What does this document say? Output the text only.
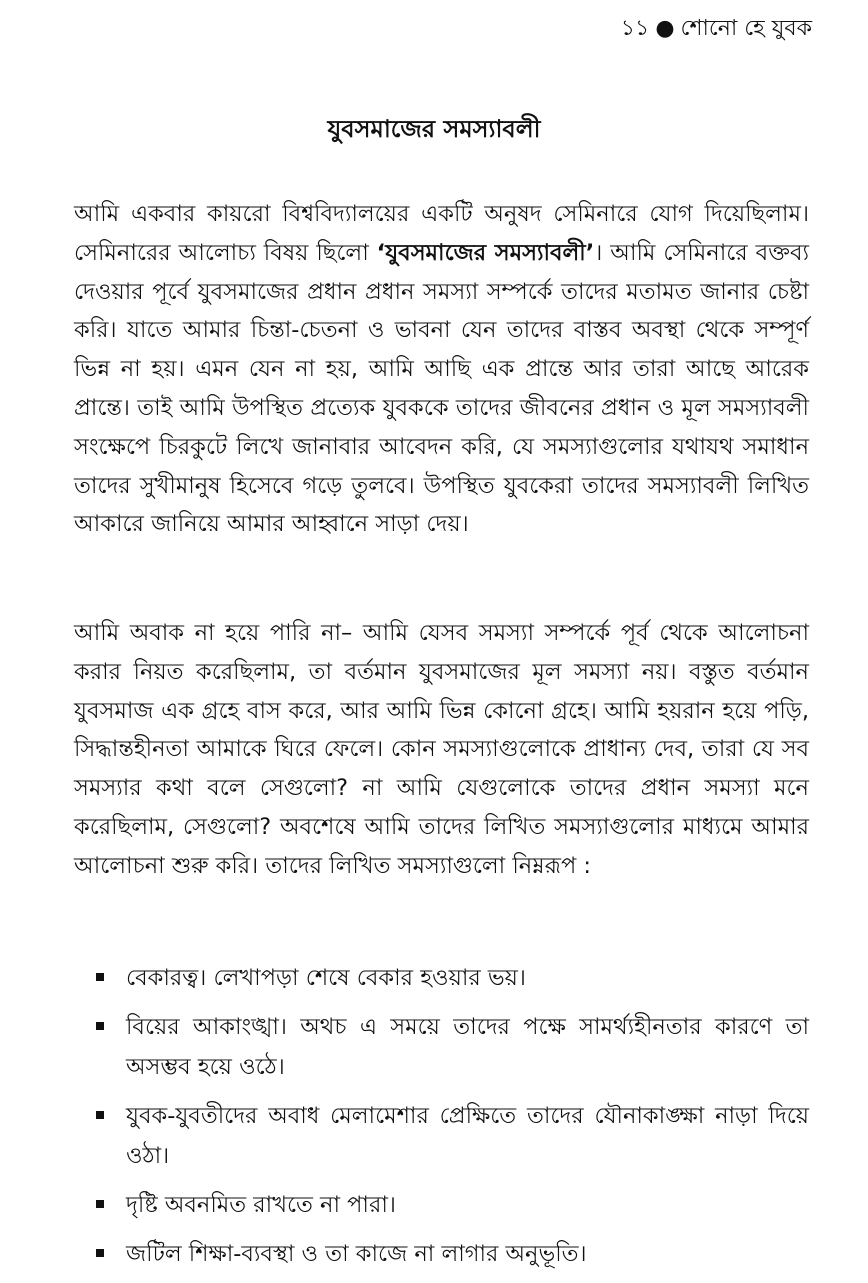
১১ ● শোনো হে যুবক
যুবসমাজের সমস্যাবলী

আমি একবার কায়রো বিশ্ববিদ্যালয়ের একটি অনুষদ সেমিনারে যোগ দিয়েছিলাম। সেমিনারের আলোচ্য বিষয় ছিলো ‘যুবসমাজের সমস্যাবলী’। আমি সেমিনারে বক্তব্য দেওয়ার পূর্বে যুবসমাজের প্রধান প্রধান সমস্যা সম্পর্কে তাদের মতামত জানার চেষ্টা করি। যাতে আমার চিন্তা-চেতনা ও ভাবনা যেন তাদের বাস্তব অবস্থা থেকে সম্পূর্ণ ভিন্ন না হয়। এমন যেন না হয়, আমি আছি এক প্রান্তে আর তারা আছে আরেক প্রান্তে। তাই আমি উপস্থিত প্রত্যেক যুবককে তাদের জীবনের প্রধান ও মূল সমস্যাবলী সংক্ষেপে চিরকুটে লিখে জানাবার আবেদন করি, যে সমস্যাগুলোর যথাযথ সমাধান তাদের সুখীমানুষ হিসেবে গড়ে তুলবে। উপস্থিত যুবকেরা তাদের সমস্যাবলী লিখিত আকারে জানিয়ে আমার আহ্বানে সাড়া দেয়।

আমি অবাক না হয়ে পারি না– আমি যেসব সমস্যা সম্পর্কে পূর্ব থেকে আলোচনা করার নিয়ত করেছিলাম, তা বর্তমান যুবসমাজের মূল সমস্যা নয়। বস্তুত বর্তমান যুবসমাজ এক গ্রহে বাস করে, আর আমি ভিন্ন কোনো গ্রহে। আমি হয়রান হয়ে পড়ি, সিদ্ধান্তহীনতা আমাকে ঘিরে ফেলে। কোন সমস্যাগুলোকে প্রাধান্য দেব, তারা যে সব সমস্যার কথা বলে সেগুলো? না আমি যেগুলোকে তাদের প্রধান সমস্যা মনে করেছিলাম, সেগুলো? অবশেষে আমি তাদের লিখিত সমস্যাগুলোর মাধ্যমে আমার আলোচনা শুরু করি। তাদের লিখিত সমস্যাগুলো নিম্নরূপ :

বেকারত্ব। লেখাপড়া শেষে বেকার হওয়ার ভয়।
বিয়ের আকাংঙ্খা। অথচ এ সময়ে তাদের পক্ষে সামর্থ্যহীনতার কারণে তা অসম্ভব হয়ে ওঠে।
যুবক-যুবতীদের অবাধ মেলামেশার প্রেক্ষিতে তাদের যৌনাকাঙ্ক্ষা নাড়া দিয়ে ওঠা।
দৃষ্টি অবনমিত রাখতে না পারা।
জটিল শিক্ষা-ব্যবস্থা ও তা কাজে না লাগার অনুভূতি।
